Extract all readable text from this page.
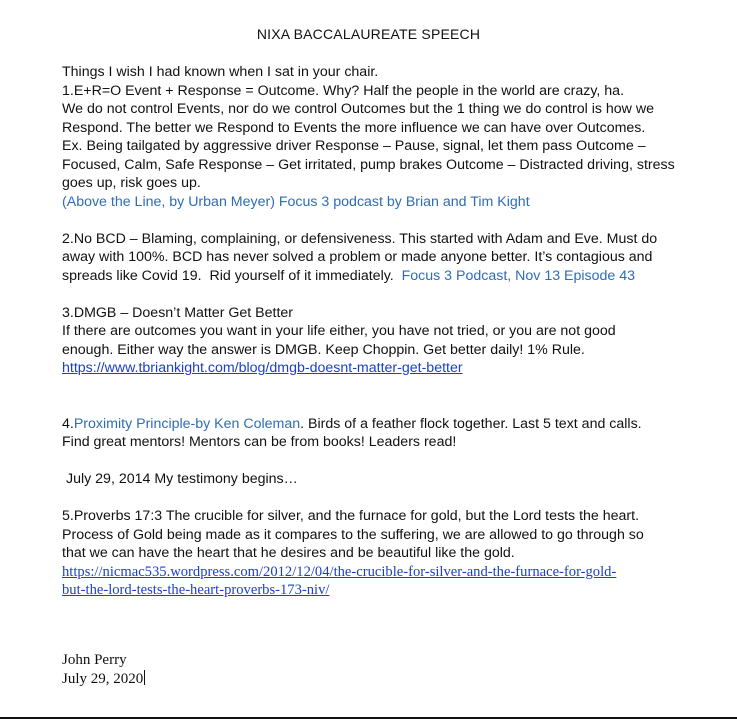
NIXA BACCALAUREATE SPEECH
Things I wish I had known when I sat in your chair.
1.E+R=O Event + Response = Outcome. Why? Half the people in the world are crazy, ha.
We do not control Events, nor do we control Outcomes but the 1 thing we do control is how we
Respond. The better we Respond to Events the more influence we can have over Outcomes.
Ex. Being tailgated by aggressive driver Response – Pause, signal, let them pass Outcome –
Focused, Calm, Safe Response – Get irritated, pump brakes Outcome – Distracted driving, stress
goes up, risk goes up.
(Above the Line, by Urban Meyer) Focus 3 podcast by Brian and Tim Kight
2.No BCD – Blaming, complaining, or defensiveness. This started with Adam and Eve. Must do
away with 100%. BCD has never solved a problem or made anyone better. It’s contagious and
spreads like Covid 19.  Rid yourself of it immediately.  Focus 3 Podcast, Nov 13 Episode 43
3.DMGB – Doesn’t Matter Get Better
If there are outcomes you want in your life either, you have not tried, or you are not good
enough. Either way the answer is DMGB. Keep Choppin. Get better daily! 1% Rule.
https://www.tbriankight.com/blog/dmgb-doesnt-matter-get-better
4.Proximity Principle-by Ken Coleman. Birds of a feather flock together. Last 5 text and calls.
Find great mentors! Mentors can be from books! Leaders read!
July 29, 2014 My testimony begins…
5.Proverbs 17:3 The crucible for silver, and the furnace for gold, but the Lord tests the heart.
Process of Gold being made as it compares to the suffering, we are allowed to go through so
that we can have the heart that he desires and be beautiful like the gold.
https://nicmac535.wordpress.com/2012/12/04/the-crucible-for-silver-and-the-furnace-for-gold-
but-the-lord-tests-the-heart-proverbs-173-niv/
John Perry
July 29, 2020
